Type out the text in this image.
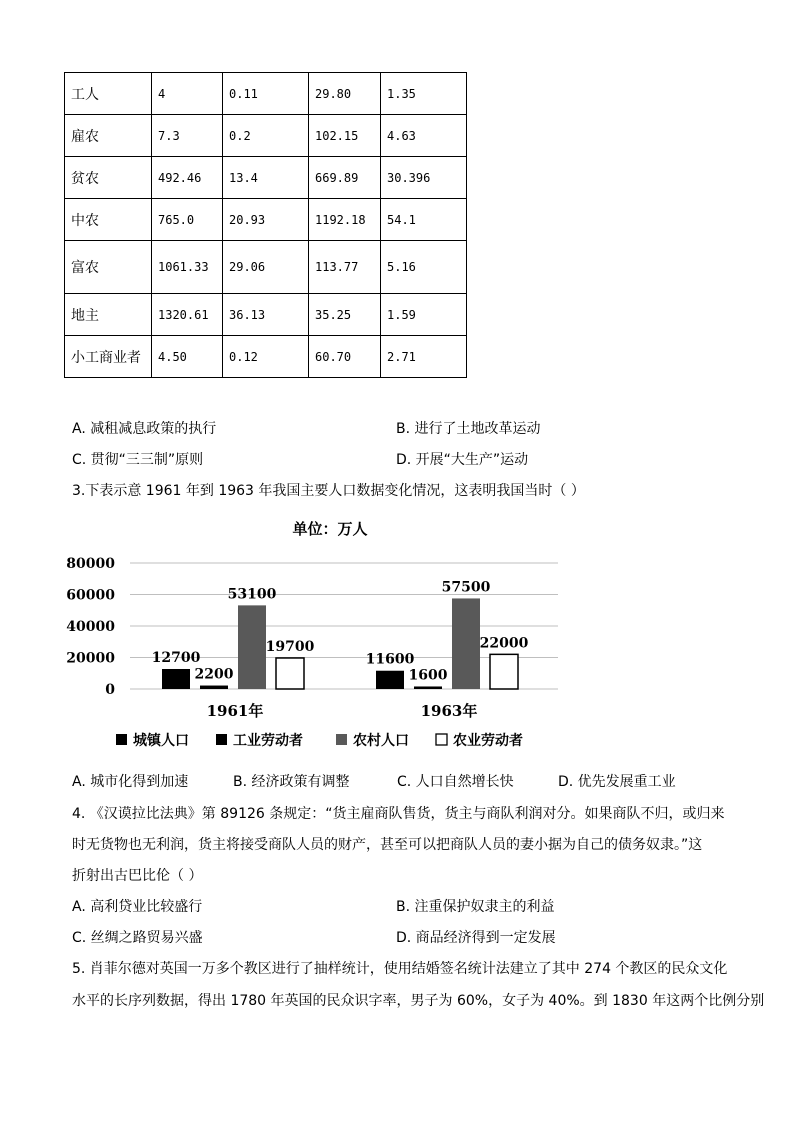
工人	4	0.11	29.80	1.35
雇农	7.3	0.2	102.15	4.63
贫农	492.46	13.4	669.89	30.396
中农	765.0	20.93	1192.18	54.1
富农	1061.33	29.06	113.77	5.16
地主	1320.61	36.13	35.25	1.59
小工商业者	4.50	0.12	60.70	2.71
A. 减租减息政策的执行	B. 进行了土地改革运动
C. 贯彻“三三制”原则	D. 开展“大生产”运动
3.下表示意 1961 年到 1963 年我国主要人口数据变化情况，这表明我国当时（ ）
单位：万人
80000
60000
40000
20000
0
12700
2200
53100
19700
11600
1600
57500
22000
1961年	1963年
城镇人口	工业劳动者	农村人口	农业劳动者
A. 城市化得到加速	B. 经济政策有调整	C. 人口自然增长快	D. 优先发展重工业
4. 《汉谟拉比法典》第 89126 条规定：“货主雇商队售货，货主与商队利润对分。如果商队不归，或归来
时无货物也无利润，货主将接受商队人员的财产，甚至可以把商队人员的妻小据为自己的债务奴隶。”这
折射出古巴比伦（ ）
A. 高利贷业比较盛行	B. 注重保护奴隶主的利益
C. 丝绸之路贸易兴盛	D. 商品经济得到一定发展
5. 肖菲尔德对英国一万多个教区进行了抽样统计，使用结婚签名统计法建立了其中 274 个教区的民众文化
水平的长序列数据，得出 1780 年英国的民众识字率，男子为 60%，女子为 40%。到 1830 年这两个比例分别
